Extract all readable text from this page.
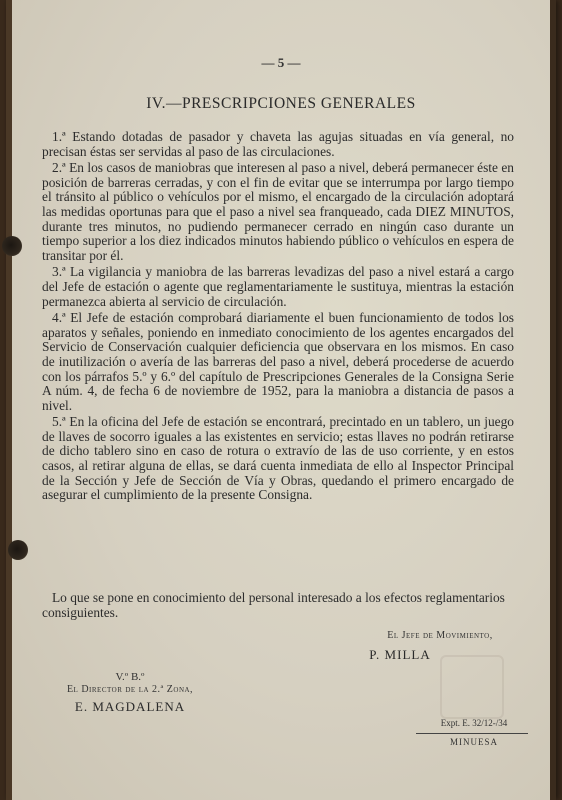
— 5 —
IV.—PRESCRIPCIONES GENERALES

1.ª Estando dotadas de pasador y chaveta las agujas situadas en vía general, no precisan éstas ser servidas al paso de las circulaciones.

2.ª En los casos de maniobras que interesen al paso a nivel, deberá permanecer éste en posición de barreras cerradas, y con el fin de evitar que se interrumpa por largo tiempo el tránsito al público o vehículos por el mismo, el encargado de la circulación adoptará las medidas oportunas para que el paso a nivel sea franqueado, cada DIEZ MINUTOS, durante tres minutos, no pudiendo permanecer cerrado en ningún caso durante un tiempo superior a los diez indicados minutos habiendo público o vehículos en espera de transitar por él.

3.ª La vigilancia y maniobra de las barreras levadizas del paso a nivel estará a cargo del Jefe de estación o agente que reglamentariamente le sustituya, mientras la estación permanezca abierta al servicio de circulación.

4.ª El Jefe de estación comprobará diariamente el buen funcionamiento de todos los aparatos y señales, poniendo en inmediato conocimiento de los agentes encargados del Servicio de Conservación cualquier deficiencia que observara en los mismos. En caso de inutilización o avería de las barreras del paso a nivel, deberá procederse de acuerdo con los párrafos 5.º y 6.º del capítulo de Prescripciones Generales de la Consigna Serie A núm. 4, de fecha 6 de noviembre de 1952, para la maniobra a distancia de pasos a nivel.

5.ª En la oficina del Jefe de estación se encontrará, precintado en un tablero, un juego de llaves de socorro iguales a las existentes en servicio; estas llaves no podrán retirarse de dicho tablero sino en caso de rotura o extravío de las de uso corriente, y en estos casos, al retirar alguna de ellas, se dará cuenta inmediata de ello al Inspector Principal de la Sección y Jefe de Sección de Vía y Obras, quedando el primero encargado de asegurar el cumplimiento de la presente Consigna.

Lo que se pone en conocimiento del personal interesado a los efectos reglamentarios consiguientes.
El Jefe de Movimiento,
P. MILLA
V.º B.º
El Director de la 2.ª Zona,
E. MAGDALENA
Expt. E. 32/12-/34
MINUESA
